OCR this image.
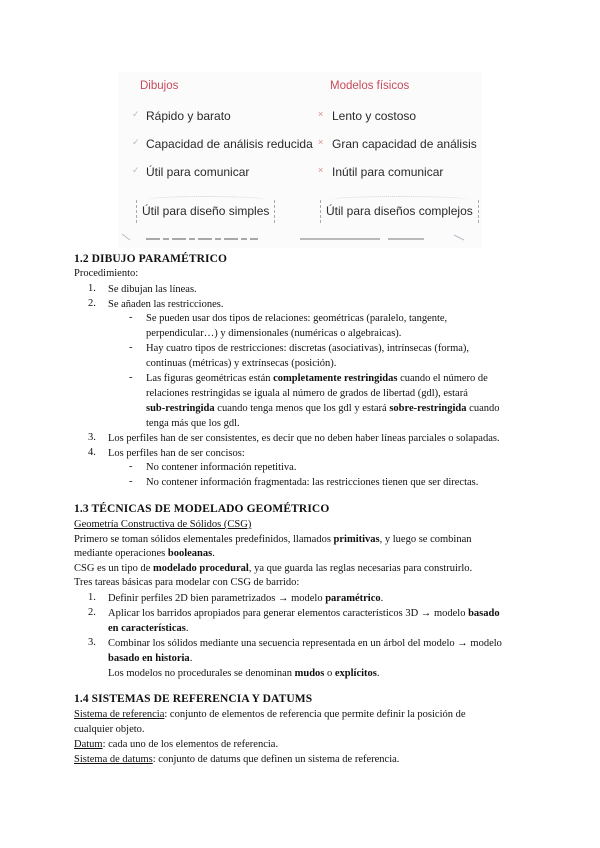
Dibujos
✓ Rápido y barato
✓ Capacidad de análisis reducida
✓ Útil para comunicar
Útil para diseño simples
Modelos físicos
× Lento y costoso
× Gran capacidad de análisis
× Inútil para comunicar
Útil para diseños complejos
1.2 DIBUJO PARAMÉTRICO
Procedimiento:
1. Se dibujan las líneas.
2. Se añaden las restricciones.
- Se pueden usar dos tipos de relaciones: geométricas (paralelo, tangente,
perpendicular…) y dimensionales (numéricas o algebraicas).
- Hay cuatro tipos de restricciones: discretas (asociativas), intrínsecas (forma),
continuas (métricas) y extrínsecas (posición).
- Las figuras geométricas están completamente restringidas cuando el número de
relaciones restringidas se iguala al número de grados de libertad (gdl), estará
sub-restringida cuando tenga menos que los gdl y estará sobre-restringida cuando
tenga más que los gdl.
3. Los perfiles han de ser consistentes, es decir que no deben haber líneas parciales o solapadas.
4. Los perfiles han de ser concisos:
- No contener información repetitiva.
- No contener información fragmentada: las restricciones tienen que ser directas.
1.3 TÉCNICAS DE MODELADO GEOMÉTRICO
Geometría Constructiva de Sólidos (CSG)
Primero se toman sólidos elementales predefinidos, llamados primitivas, y luego se combinan
mediante operaciones booleanas.
CSG es un tipo de modelado procedural, ya que guarda las reglas necesarias para construirlo.
Tres tareas básicas para modelar con CSG de barrido:
1. Definir perfiles 2D bien parametrizados → modelo paramétrico.
2. Aplicar los barridos apropiados para generar elementos característicos 3D → modelo basado
en características.
3. Combinar los sólidos mediante una secuencia representada en un árbol del modelo → modelo
basado en historia.
Los modelos no procedurales se denominan mudos o explícitos.
1.4 SISTEMAS DE REFERENCIA Y DATUMS
Sistema de referencia: conjunto de elementos de referencia que permite definir la posición de
cualquier objeto.
Datum: cada uno de los elementos de referencia.
Sistema de datums: conjunto de datums que definen un sistema de referencia.
